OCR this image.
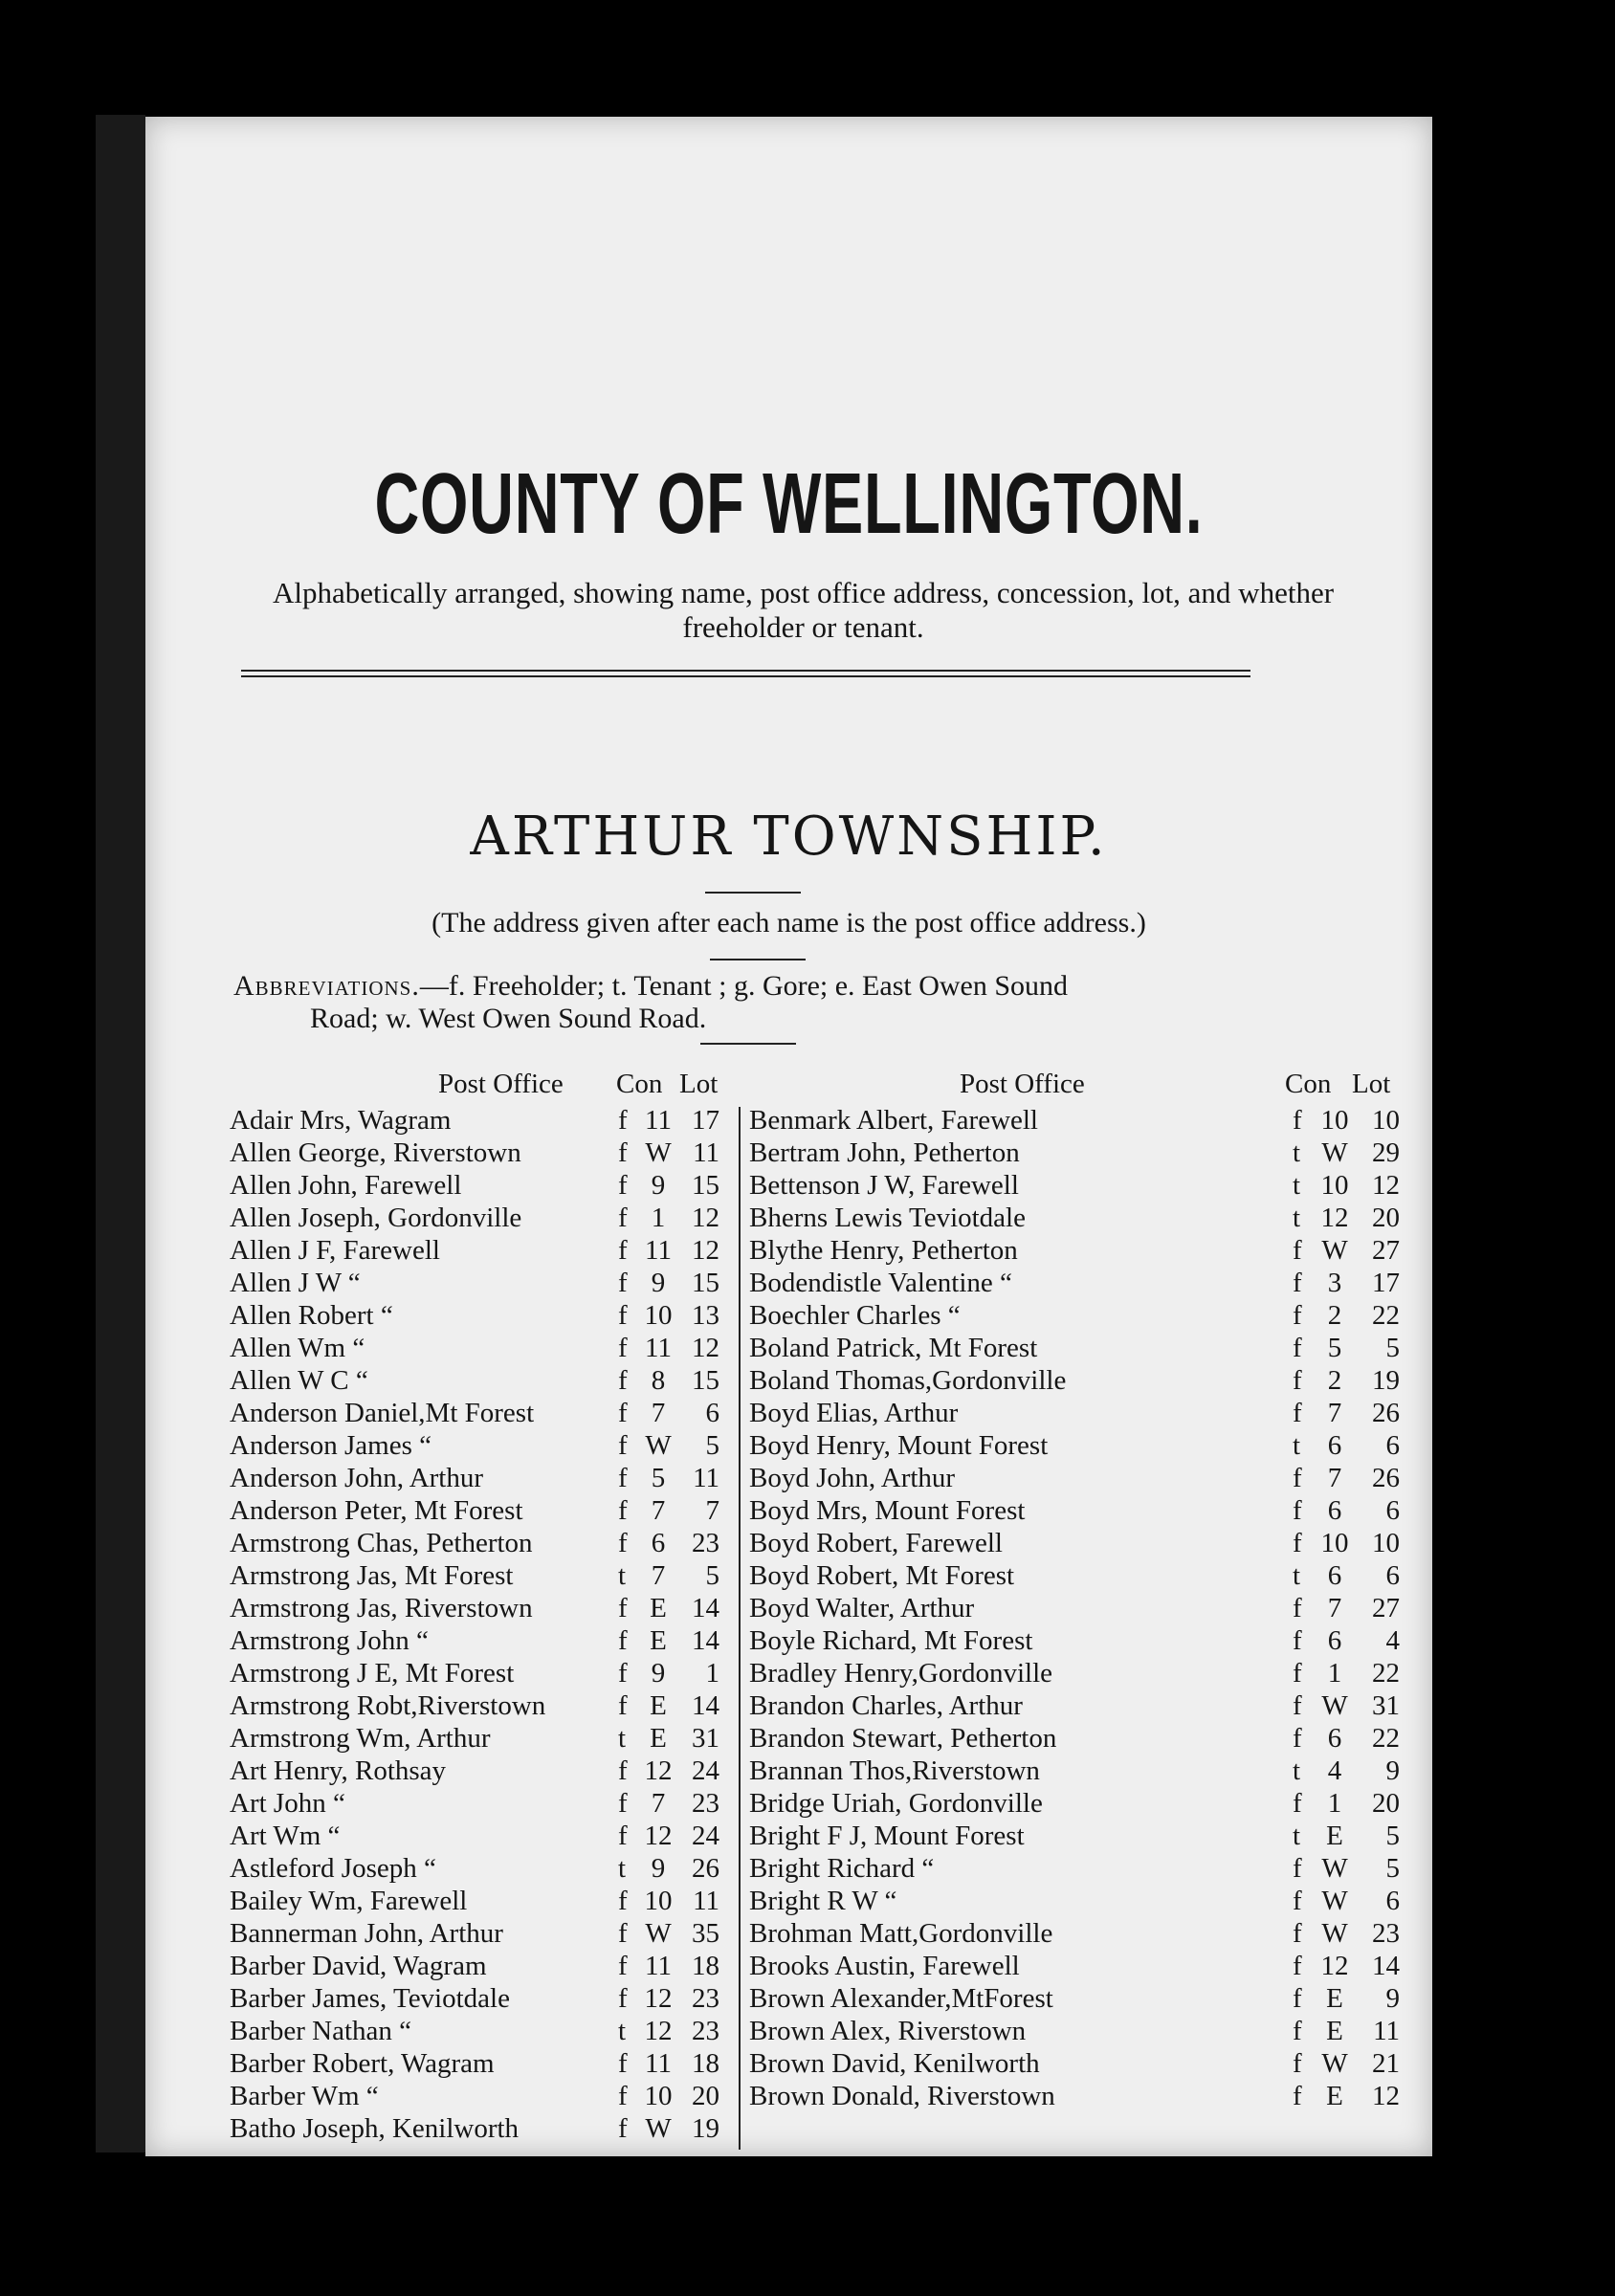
COUNTY OF WELLINGTON.
Alphabetically arranged, showing name, post office address, concession, lot, and whether freeholder or tenant.
ARTHUR TOWNSHIP.
(The address given after each name is the post office address.)
Abbreviations.—f. Freeholder; t. Tenant ; g. Gore; e. East Owen Sound
Road; w. West Owen Sound Road.
Post Office Con Lot
Adair Mrs, Wagram	f 11 17
Allen George, Riverstown	f W 11
Allen John, Farewell	f 9 15
Allen Joseph, Gordonville	f 1 12
Allen J F, Farewell	f 11 12
Allen J W “	f 9 15
Allen Robert “	f 10 13
Allen Wm “	f 11 12
Allen W C “	f 8 15
Anderson Daniel,Mt Forest	f 7	6
Anderson James “	f W	5
Anderson John, Arthur	f 5 11
Anderson Peter, Mt Forest	f 7	7
Armstrong Chas, Petherton	f 6 23
Armstrong Jas, Mt Forest	t 7	5
Armstrong Jas, Riverstown	f E 14
Armstrong John “	f E 14
Armstrong J E, Mt Forest	f 9	1
Armstrong Robt,Riverstown	f E 14
Armstrong Wm, Arthur	t E 31
Art Henry, Rothsay	f 12 24
Art John “	f 7 23
Art Wm “	f 12 24
Astleford Joseph “	t 9 26
Bailey Wm, Farewell	f 10 11
Bannerman John, Arthur	f W 35
Barber David, Wagram	f 11 18
Barber James, Teviotdale	f 12 23
Barber Nathan “	t 12 23
Barber Robert, Wagram	f 11 18
Barber Wm “	f 10 20
Batho Joseph, Kenilworth	f W 19
Post Office	Con Lot
Benmark Albert, Farewell	f 10 10
Bertram John, Petherton	t W 29
Bettenson J W, Farewell	t 10 12
Bherns Lewis Teviotdale	t 12 20
Blythe Henry, Petherton	f W 27
Bodendistle Valentine “	f 3	17
Boechler Charles “	f 2	22
Boland Patrick, Mt Forest	f 5	5
Boland Thomas,Gordonville	f 2	19
Boyd Elias, Arthur	f 7	26
Boyd Henry, Mount Forest	t 6	6
Boyd John, Arthur	f 7	26
Boyd Mrs, Mount Forest	f 6	6
Boyd Robert, Farewell	f 10 10
Boyd Robert, Mt Forest	t 6	6
Boyd Walter, Arthur	f 7	27
Boyle Richard, Mt Forest	f 6	4
Bradley Henry,Gordonville	f 1	22
Brandon Charles, Arthur	f W 31
Brandon Stewart, Petherton	f 6	22
Brannan Thos,Riverstown	t 4	9
Bridge Uriah, Gordonville	f 1	20
Bright F J, Mount Forest	t E	5
Bright Richard “	f W	5
Bright R W “	f W	6
Brohman Matt,Gordonville	f W 23
Brooks Austin, Farewell	f 12 14
Brown Alexander,MtForest	f E	9
Brown Alex, Riverstown	f E	11
Brown David, Kenilworth	f W 21
Brown Donald, Riverstown	f E	12
